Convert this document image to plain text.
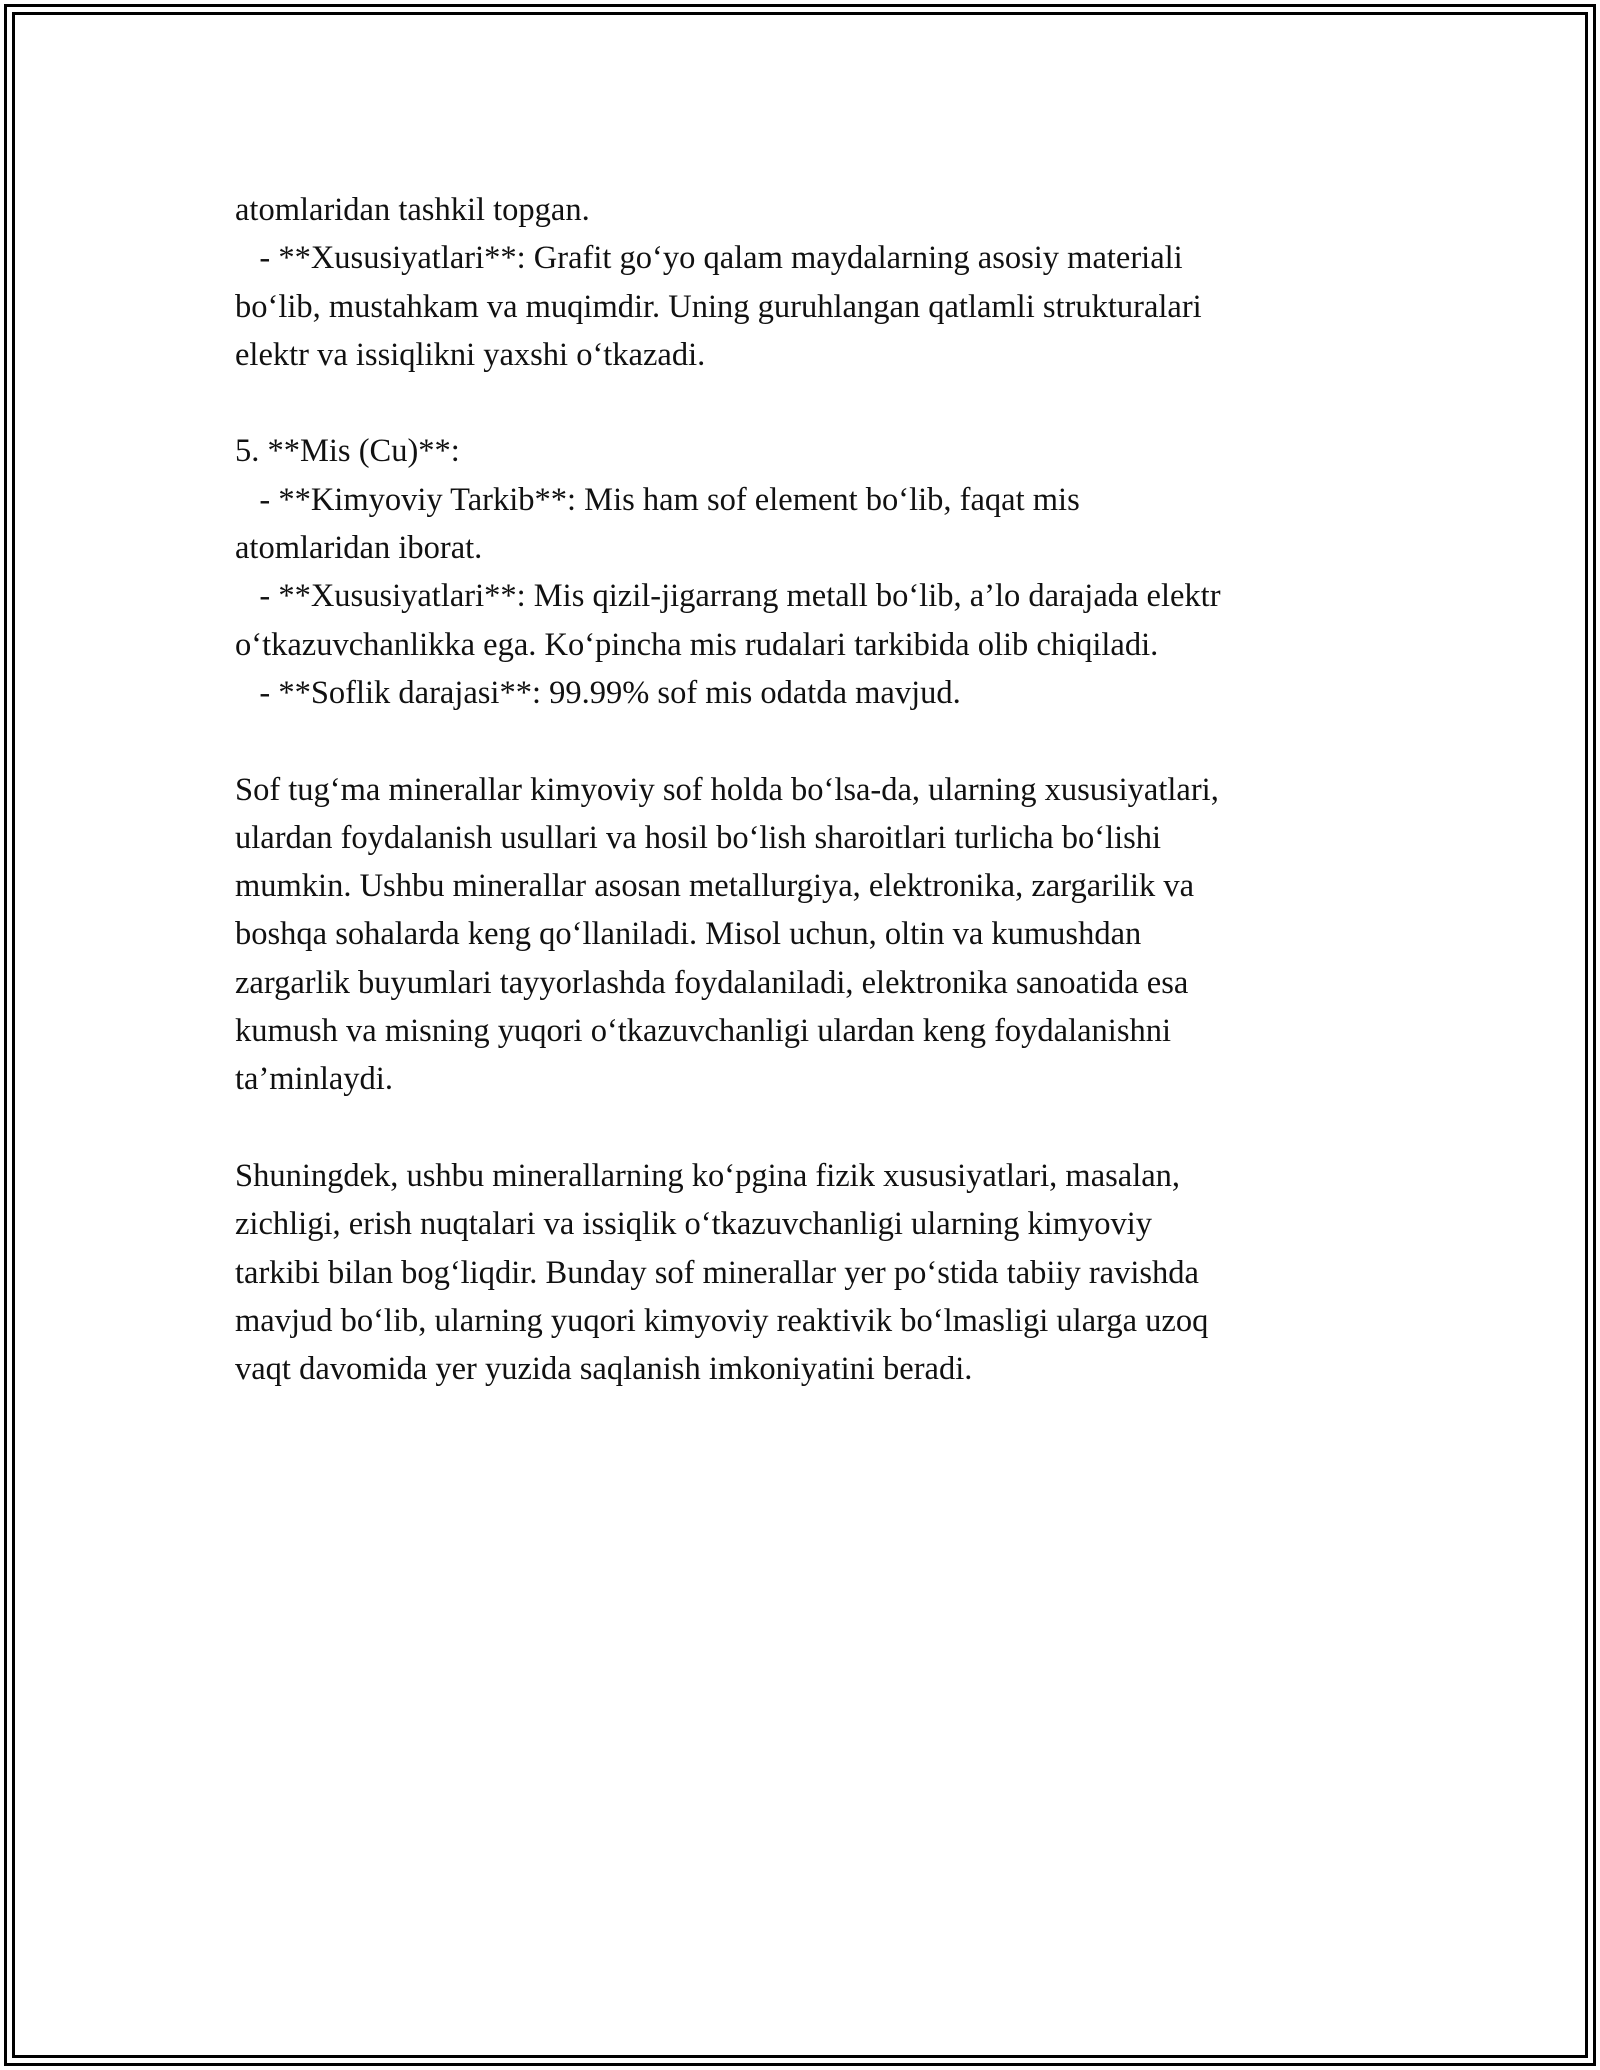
atomlaridan tashkil topgan.
- **Xususiyatlari**: Grafit go‘yo qalam maydalarning asosiy materiali
bo‘lib, mustahkam va muqimdir. Uning guruhlangan qatlamli strukturalari
elektr va issiqlikni yaxshi o‘tkazadi.
5. **Mis (Cu)**:
- **Kimyoviy Tarkib**: Mis ham sof element bo‘lib, faqat mis
atomlaridan iborat.
- **Xususiyatlari**: Mis qizil-jigarrang metall bo‘lib, a’lo darajada elektr
o‘tkazuvchanlikka ega. Ko‘pincha mis rudalari tarkibida olib chiqiladi.
- **Soflik darajasi**: 99.99% sof mis odatda mavjud.
Sof tug‘ma minerallar kimyoviy sof holda bo‘lsa-da, ularning xususiyatlari,
ulardan foydalanish usullari va hosil bo‘lish sharoitlari turlicha bo‘lishi
mumkin. Ushbu minerallar asosan metallurgiya, elektronika, zargarilik va
boshqa sohalarda keng qo‘llaniladi. Misol uchun, oltin va kumushdan
zargarlik buyumlari tayyorlashda foydalaniladi, elektronika sanoatida esa
kumush va misning yuqori o‘tkazuvchanligi ulardan keng foydalanishni
ta’minlaydi.
Shuningdek, ushbu minerallarning ko‘pgina fizik xususiyatlari, masalan,
zichligi, erish nuqtalari va issiqlik o‘tkazuvchanligi ularning kimyoviy
tarkibi bilan bog‘liqdir. Bunday sof minerallar yer po‘stida tabiiy ravishda
mavjud bo‘lib, ularning yuqori kimyoviy reaktivik bo‘lmasligi ularga uzoq
vaqt davomida yer yuzida saqlanish imkoniyatini beradi.
